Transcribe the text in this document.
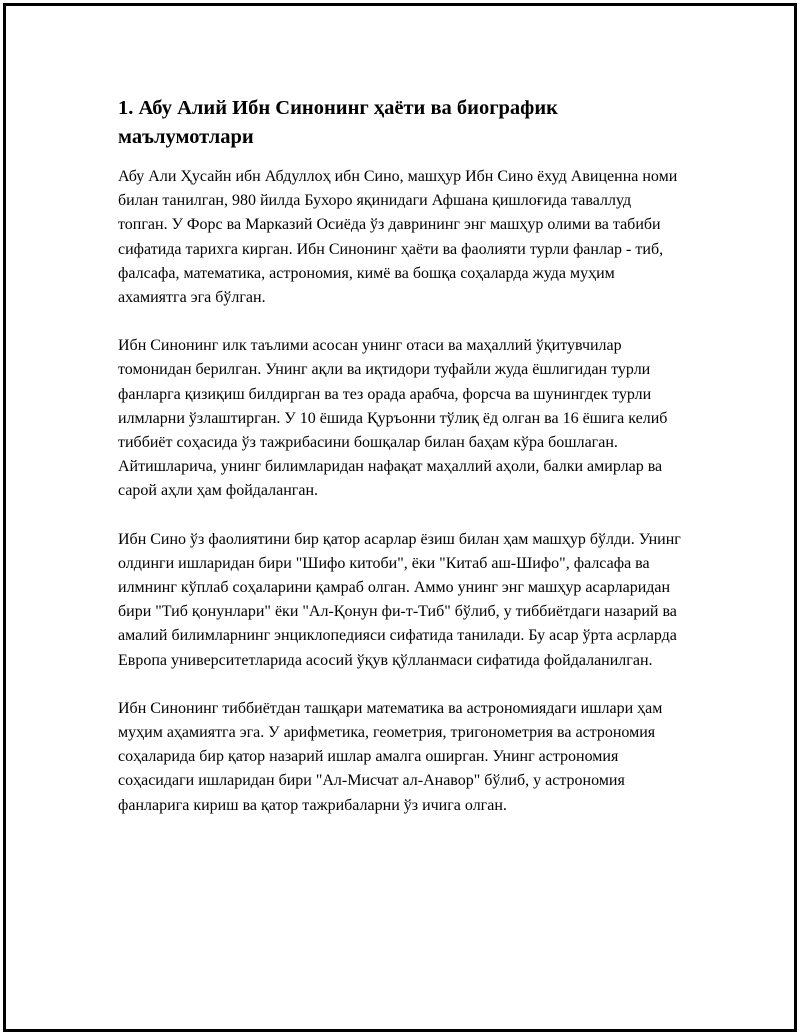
1. Абу Алий Ибн Синонинг ҳаёти ва биографик маълумотлари

Абу Али Ҳусайн ибн Абдуллоҳ ибн Сино, машҳур Ибн Сино ёхуд Авиценна номи билан танилган, 980 йилда Бухоро яқинидаги Афшана қишлоғида таваллуд топган. У Форс ва Марказий Осиёда ўз даврининг энг машҳур олими ва табиби сифатида тарихга кирган. Ибн Синонинг ҳаёти ва фаолияти турли фанлар - тиб, фалсафа, математика, астрономия, кимё ва бошқа соҳаларда жуда муҳим ахамиятга эга бўлган.

Ибн Синонинг илк таълими асосан унинг отаси ва маҳаллий ўқитувчилар томонидан берилган. Унинг ақли ва иқтидори туфайли жуда ёшлигидан турли фанларга қизиқиш билдирган ва тез орада арабча, форсча ва шунингдек турли илмларни ўзлаштирган. У 10 ёшида Қуръонни тўлиқ ёд олган ва 16 ёшига келиб тиббиёт соҳасида ўз тажрибасини бошқалар билан баҳам кўра бошлаган. Айтишларича, унинг билимларидан нафақат маҳаллий аҳоли, балки амирлар ва сарой аҳли ҳам фойдаланган.

Ибн Сино ўз фаолиятини бир қатор асарлар ёзиш билан ҳам машҳур бўлди. Унинг олдинги ишларидан бири "Шифо китоби", ёки "Китаб аш-Шифо", фалсафа ва илмнинг кўплаб соҳаларини қамраб олган. Аммо унинг энг машҳур асарларидан бири "Тиб қонунлари" ёки "Ал-Қонун фи-т-Тиб" бўлиб, у тиббиётдаги назарий ва амалий билимларнинг энциклопедияси сифатида танилади. Бу асар ўрта асрларда Европа университетларида асосий ўқув қўлланмаси сифатида фойдаланилган.

Ибн Синонинг тиббиётдан ташқари математика ва астрономиядаги ишлари ҳам муҳим аҳамиятга эга. У арифметика, геометрия, тригонометрия ва астрономия соҳаларида бир қатор назарий ишлар амалга оширган. Унинг астрономия соҳасидаги ишларидан бири "Ал-Мисчат ал-Анавор" бўлиб, у астрономия фанларига кириш ва қатор тажрибаларни ўз ичига олган.
